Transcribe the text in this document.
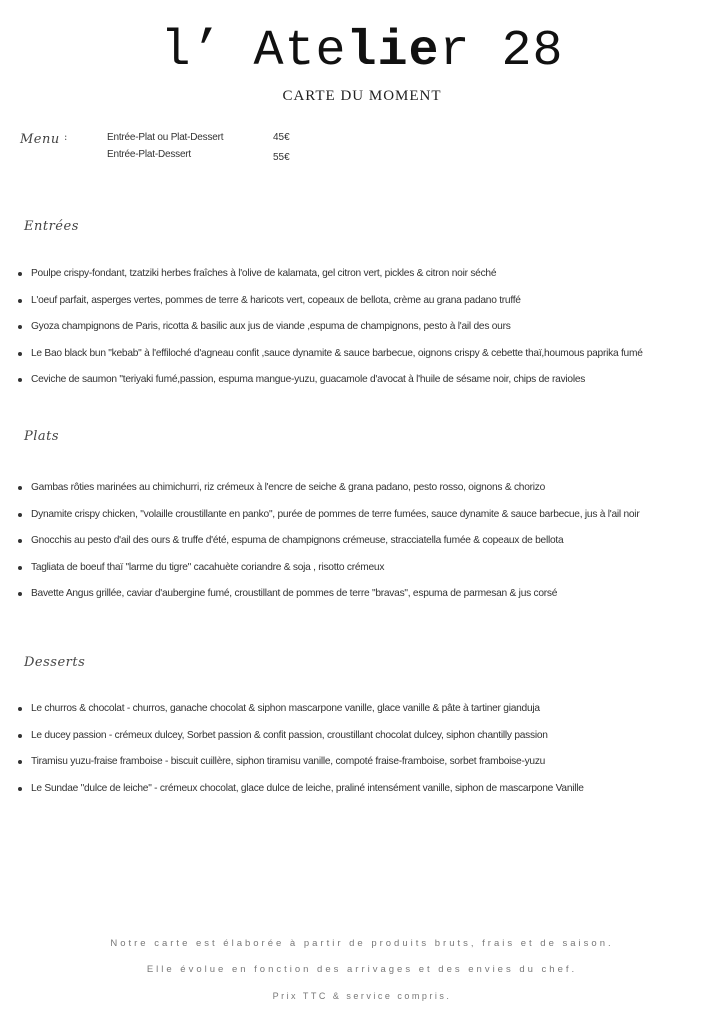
l’ Atelier 28
CARTE DU MOMENT
Menu :	Entrée-Plat ou Plat-Dessert	45€
Entrée-Plat-Dessert	55€
Entrées
Poulpe crispy-fondant, tzatziki herbes fraîches à l'olive de kalamata, gel citron vert, pickles & citron noir séché
L'oeuf parfait, asperges vertes, pommes de terre & haricots vert, copeaux de bellota, crème au grana padano truffé
Gyoza champignons de Paris, ricotta & basilic aux jus de viande ,espuma de champignons, pesto à l'ail des ours
Le Bao black bun "kebab" à l'effiloché d'agneau confit ,sauce dynamite & sauce barbecue, oignons crispy & cebette thaï,houmous paprika fumé
Ceviche de saumon "teriyaki fumé,passion, espuma mangue-yuzu, guacamole d'avocat à l'huile de sésame noir, chips de ravioles
Plats
Gambas rôties marinées au chimichurri, riz crémeux à l'encre de seiche & grana padano, pesto rosso, oignons & chorizo
Dynamite crispy chicken, "volaille croustillante en panko", purée de pommes de terre fumées, sauce dynamite & sauce barbecue, jus à l'ail noir
Gnocchis au pesto d'ail des ours & truffe d'été, espuma de champignons crémeuse, stracciatella fumée & copeaux de bellota
Tagliata de boeuf thaï "larme du tigre" cacahuète coriandre & soja , risotto crémeux
Bavette Angus grillée, caviar d'aubergine fumé, croustillant de pommes de terre "bravas", espuma de parmesan & jus corsé
Desserts
Le churros & chocolat - churros, ganache chocolat & siphon mascarpone vanille, glace vanille & pâte à tartiner gianduja
Le ducey passion - crémeux dulcey, Sorbet passion & confit passion, croustillant chocolat dulcey, siphon chantilly passion
Tiramisu yuzu-fraise framboise - biscuit cuillère, siphon tiramisu vanille, compoté fraise-framboise, sorbet framboise-yuzu
Le Sundae "dulce de leiche" - crémeux chocolat, glace dulce de leiche, praliné intensément vanille, siphon de mascarpone Vanille
Notre carte est élaborée à partir de produits bruts, frais et de saison.
Elle évolue en fonction des arrivages et des envies du chef.
Prix TTC & service compris.
